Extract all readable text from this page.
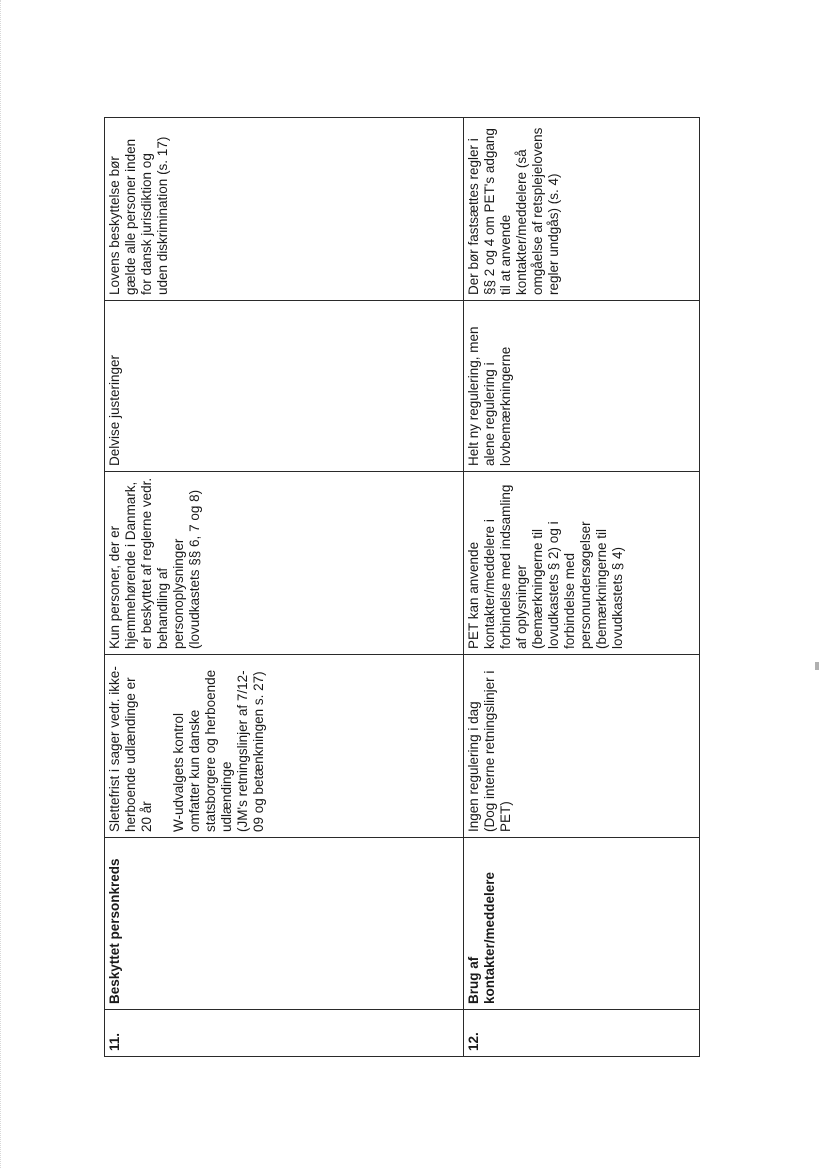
11.	Beskyttet personkreds	Slettefrist i sager vedr. ikke-herboende udlændinge er 20 år

W-udvalgets kontrol omfatter kun danske statsborgere og herboende udlændinge
(JM's retningslinjer af 7/12-09 og betænkningen s. 27)	Kun personer, der er hjemmehørende i Danmark, er beskyttet af reglerne vedr. behandling af personoplysninger
(lovudkastets §§ 6, 7 og 8)	Delvise justeringer	Lovens beskyttelse bør gælde alle personer inden for dansk jurisdiktion og uden diskrimination (s. 17)
12.	Brug af kontakter/meddelere	Ingen regulering i dag
(Dog interne retningslinjer i PET)	PET kan anvende kontakter/meddelere i forbindelse med indsamling af oplysninger
(bemærkningerne til lovudkastets § 2) og i forbindelse med personundersøgelser
(bemærkningerne til lovudkastets § 4)	Helt ny regulering, men alene regulering i lovbemærkningerne	Der bør fastsættes regler i §§ 2 og 4 om PET's adgang til at anvende kontakter/meddelere (så omgåelse af retsplejelovens regler undgås) (s. 4)
